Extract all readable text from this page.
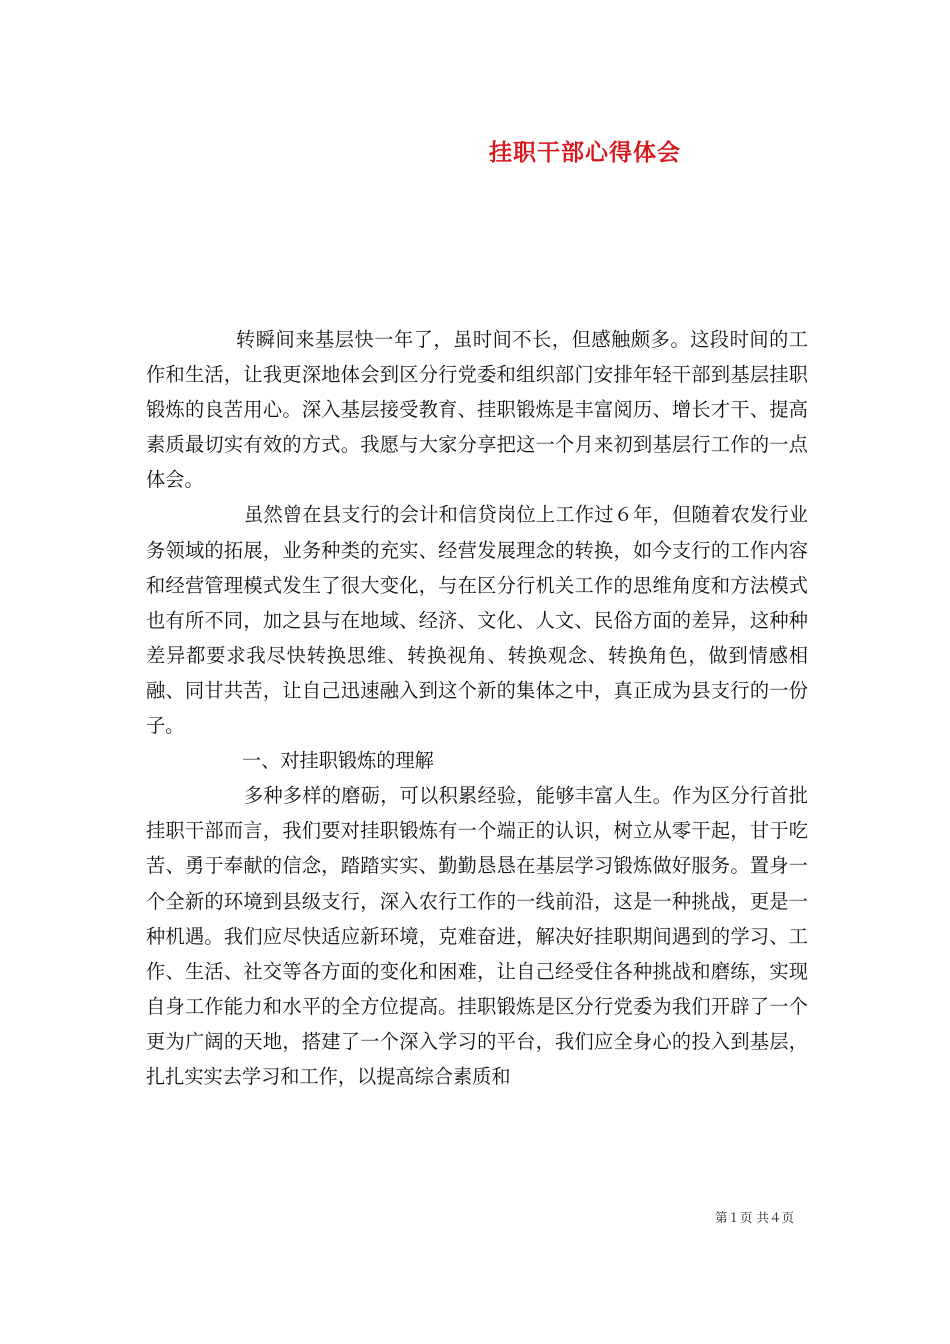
挂职干部心得体会

转瞬间来基层快一年了，虽时间不长，但感触颇多。这段时间的工作和生活，让我更深地体会到区分行党委和组织部门安排年轻干部到基层挂职锻炼的良苦用心。深入基层接受教育、挂职锻炼是丰富阅历、增长才干、提高素质最切实有效的方式。我愿与大家分享把这一个月来初到基层行工作的一点体会。

虽然曾在县支行的会计和信贷岗位上工作过６年，但随着农发行业务领域的拓展，业务种类的充实、经营发展理念的转换，如今支行的工作内容和经营管理模式发生了很大变化，与在区分行机关工作的思维角度和方法模式也有所不同，加之县与在地域、经济、文化、人文、民俗方面的差异，这种种差异都要求我尽快转换思维、转换视角、转换观念、转换角色，做到情感相融、同甘共苦，让自己迅速融入到这个新的集体之中，真正成为县支行的一份子。

一、对挂职锻炼的理解

多种多样的磨砺，可以积累经验，能够丰富人生。作为区分行首批挂职干部而言，我们要对挂职锻炼有一个端正的认识，树立从零干起，甘于吃苦、勇于奉献的信念，踏踏实实、勤勤恳恳在基层学习锻炼做好服务。置身一个全新的环境到县级支行，深入农行工作的一线前沿，这是一种挑战，更是一种机遇。我们应尽快适应新环境，克难奋进，解决好挂职期间遇到的学习、工作、生活、社交等各方面的变化和困难，让自己经受住各种挑战和磨练，实现自身工作能力和水平的全方位提高。挂职锻炼是区分行党委为我们开辟了一个更为广阔的天地，搭建了一个深入学习的平台，我们应全身心的投入到基层，扎扎实实去学习和工作，以提高综合素质和

第１页 共４页
